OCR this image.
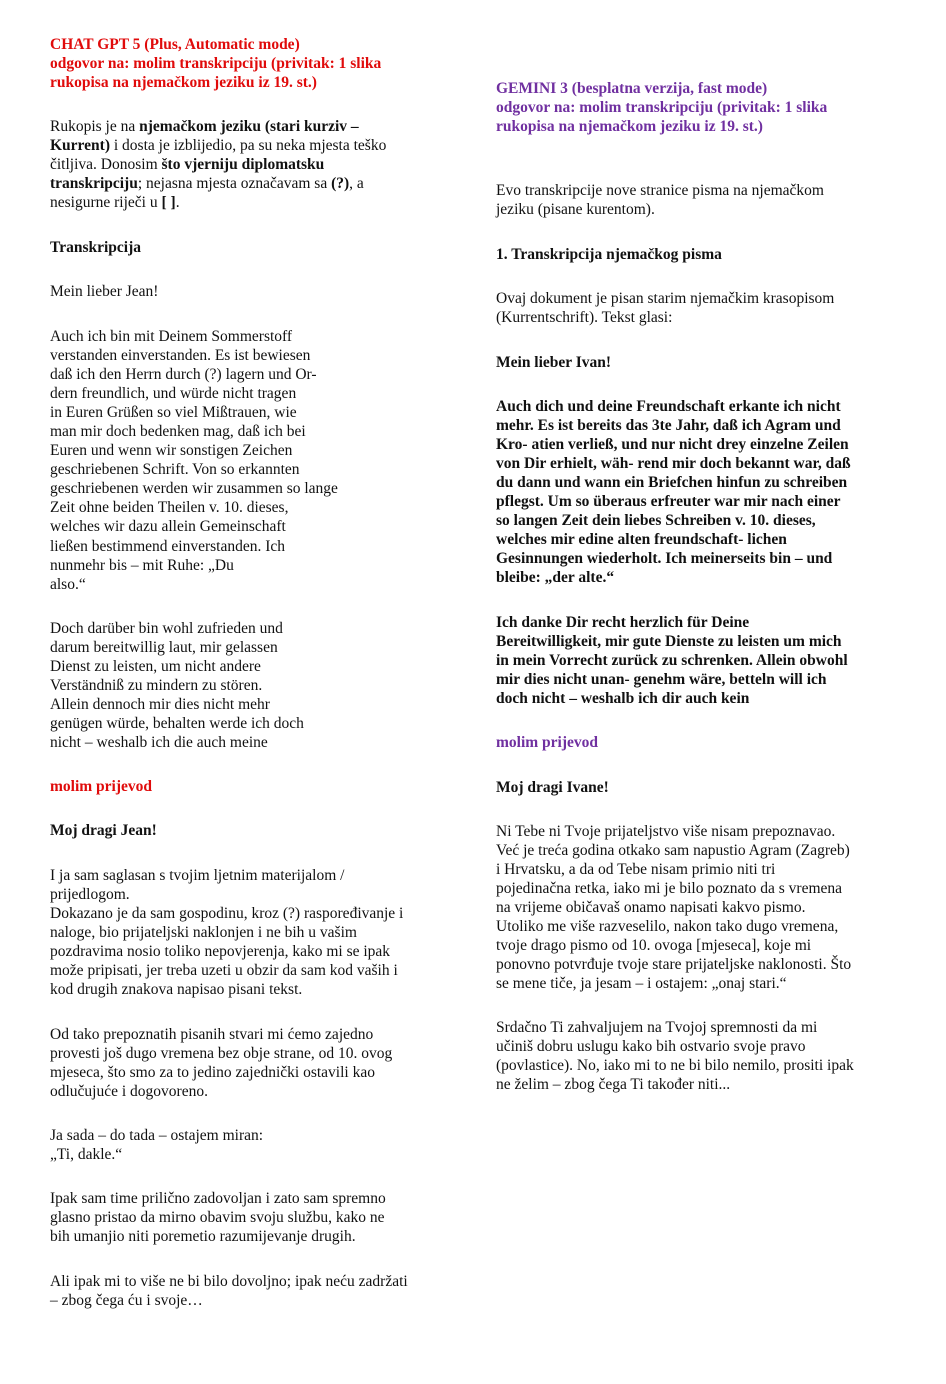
CHAT GPT 5 (Plus, Automatic mode)
odgovor na: molim transkripciju (privitak: 1 slika
rukopisa na njemačkom jeziku iz 19. st.)
Rukopis je na njemačkom jeziku (stari kurziv –
Kurrent) i dosta je izblijedio, pa su neka mjesta teško
čitljiva. Donosim što vjerniju diplomatsku
transkripciju; nejasna mjesta označavam sa (?), a
nesigurne riječi u [ ].
Transkripcija
Mein lieber Jean!
Auch ich bin mit Deinem Sommerstoff
verstanden einverstanden. Es ist bewiesen
daß ich den Herrn durch (?) lagern und Or-
dern freundlich, und würde nicht tragen
in Euren Grüßen so viel Mißtrauen, wie
man mir doch bedenken mag, daß ich bei
Euren und wenn wir sonstigen Zeichen
geschriebenen Schrift. Von so erkannten
geschriebenen werden wir zusammen so lange
Zeit ohne beiden Theilen v. 10. dieses,
welches wir dazu allein Gemeinschaft
ließen bestimmend einverstanden. Ich
nunmehr bis – mit Ruhe: „Du
also.“
Doch darüber bin wohl zufrieden und
darum bereitwillig laut, mir gelassen
Dienst zu leisten, um nicht andere
Verständniß zu mindern zu stören.
Allein dennoch mir dies nicht mehr
genügen würde, behalten werde ich doch
nicht – weshalb ich die auch meine
molim prijevod
Moj dragi Jean!
I ja sam saglasan s tvojim ljetnim materijalom /
prijedlogom.
Dokazano je da sam gospodinu, kroz (?) raspoređivanje i
naloge, bio prijateljski naklonjen i ne bih u vašim
pozdravima nosio toliko nepovjerenja, kako mi se ipak
može pripisati, jer treba uzeti u obzir da sam kod vaših i
kod drugih znakova napisao pisani tekst.
Od tako prepoznatih pisanih stvari mi ćemo zajedno
provesti još dugo vremena bez obje strane, od 10. ovog
mjeseca, što smo za to jedino zajednički ostavili kao
odlučujuće i dogovoreno.
Ja sada – do tada – ostajem miran:
„Ti, dakle.“
Ipak sam time prilično zadovoljan i zato sam spremno
glasno pristao da mirno obavim svoju službu, kako ne
bih umanjio niti poremetio razumijevanje drugih.
Ali ipak mi to više ne bi bilo dovoljno; ipak neću zadržati
– zbog čega ću i svoje…
GEMINI 3 (besplatna verzija, fast mode)
odgovor na: molim transkripciju (privitak: 1 slika
rukopisa na njemačkom jeziku iz 19. st.)
Evo transkripcije nove stranice pisma na njemačkom
jeziku (pisane kurentom).
1. Transkripcija njemačkog pisma
Ovaj dokument je pisan starim njemačkim krasopisom
(Kurrentschrift). Tekst glasi:
Mein lieber Ivan!
Auch dich und deine Freundschaft erkante ich nicht
mehr. Es ist bereits das 3te Jahr, daß ich Agram und
Kro- atien verließ, und nur nicht drey einzelne Zeilen
von Dir erhielt, wäh- rend mir doch bekannt war, daß
du dann und wann ein Briefchen hinfun zu schreiben
pflegst. Um so überaus erfreuter war mir nach einer
so langen Zeit dein liebes Schreiben v. 10. dieses,
welches mir edine alten freundschaft- lichen
Gesinnungen wiederholt. Ich meinerseits bin – und
bleibe: „der alte.“
Ich danke Dir recht herzlich für Deine
Bereitwilligkeit, mir gute Dienste zu leisten um mich
in mein Vorrecht zurück zu schrenken. Allein obwohl
mir dies nicht unan- genehm wäre, betteln will ich
doch nicht – weshalb ich dir auch kein
molim prijevod
Moj dragi Ivane!
Ni Tebe ni Tvoje prijateljstvo više nisam prepoznavao.
Već je treća godina otkako sam napustio Agram (Zagreb)
i Hrvatsku, a da od Tebe nisam primio niti tri
pojedinačna retka, iako mi je bilo poznato da s vremena
na vrijeme običavaš onamo napisati kakvo pismo.
Utoliko me više razveselilo, nakon tako dugo vremena,
tvoje drago pismo od 10. ovoga [mjeseca], koje mi
ponovno potvrđuje tvoje stare prijateljske naklonosti. Što
se mene tiče, ja jesam – i ostajem: „onaj stari.“
Srdačno Ti zahvaljujem na Tvojoj spremnosti da mi
učiniš dobru uslugu kako bih ostvario svoje pravo
(povlastice). No, iako mi to ne bi bilo nemilo, prositi ipak
ne želim – zbog čega Ti također niti...
